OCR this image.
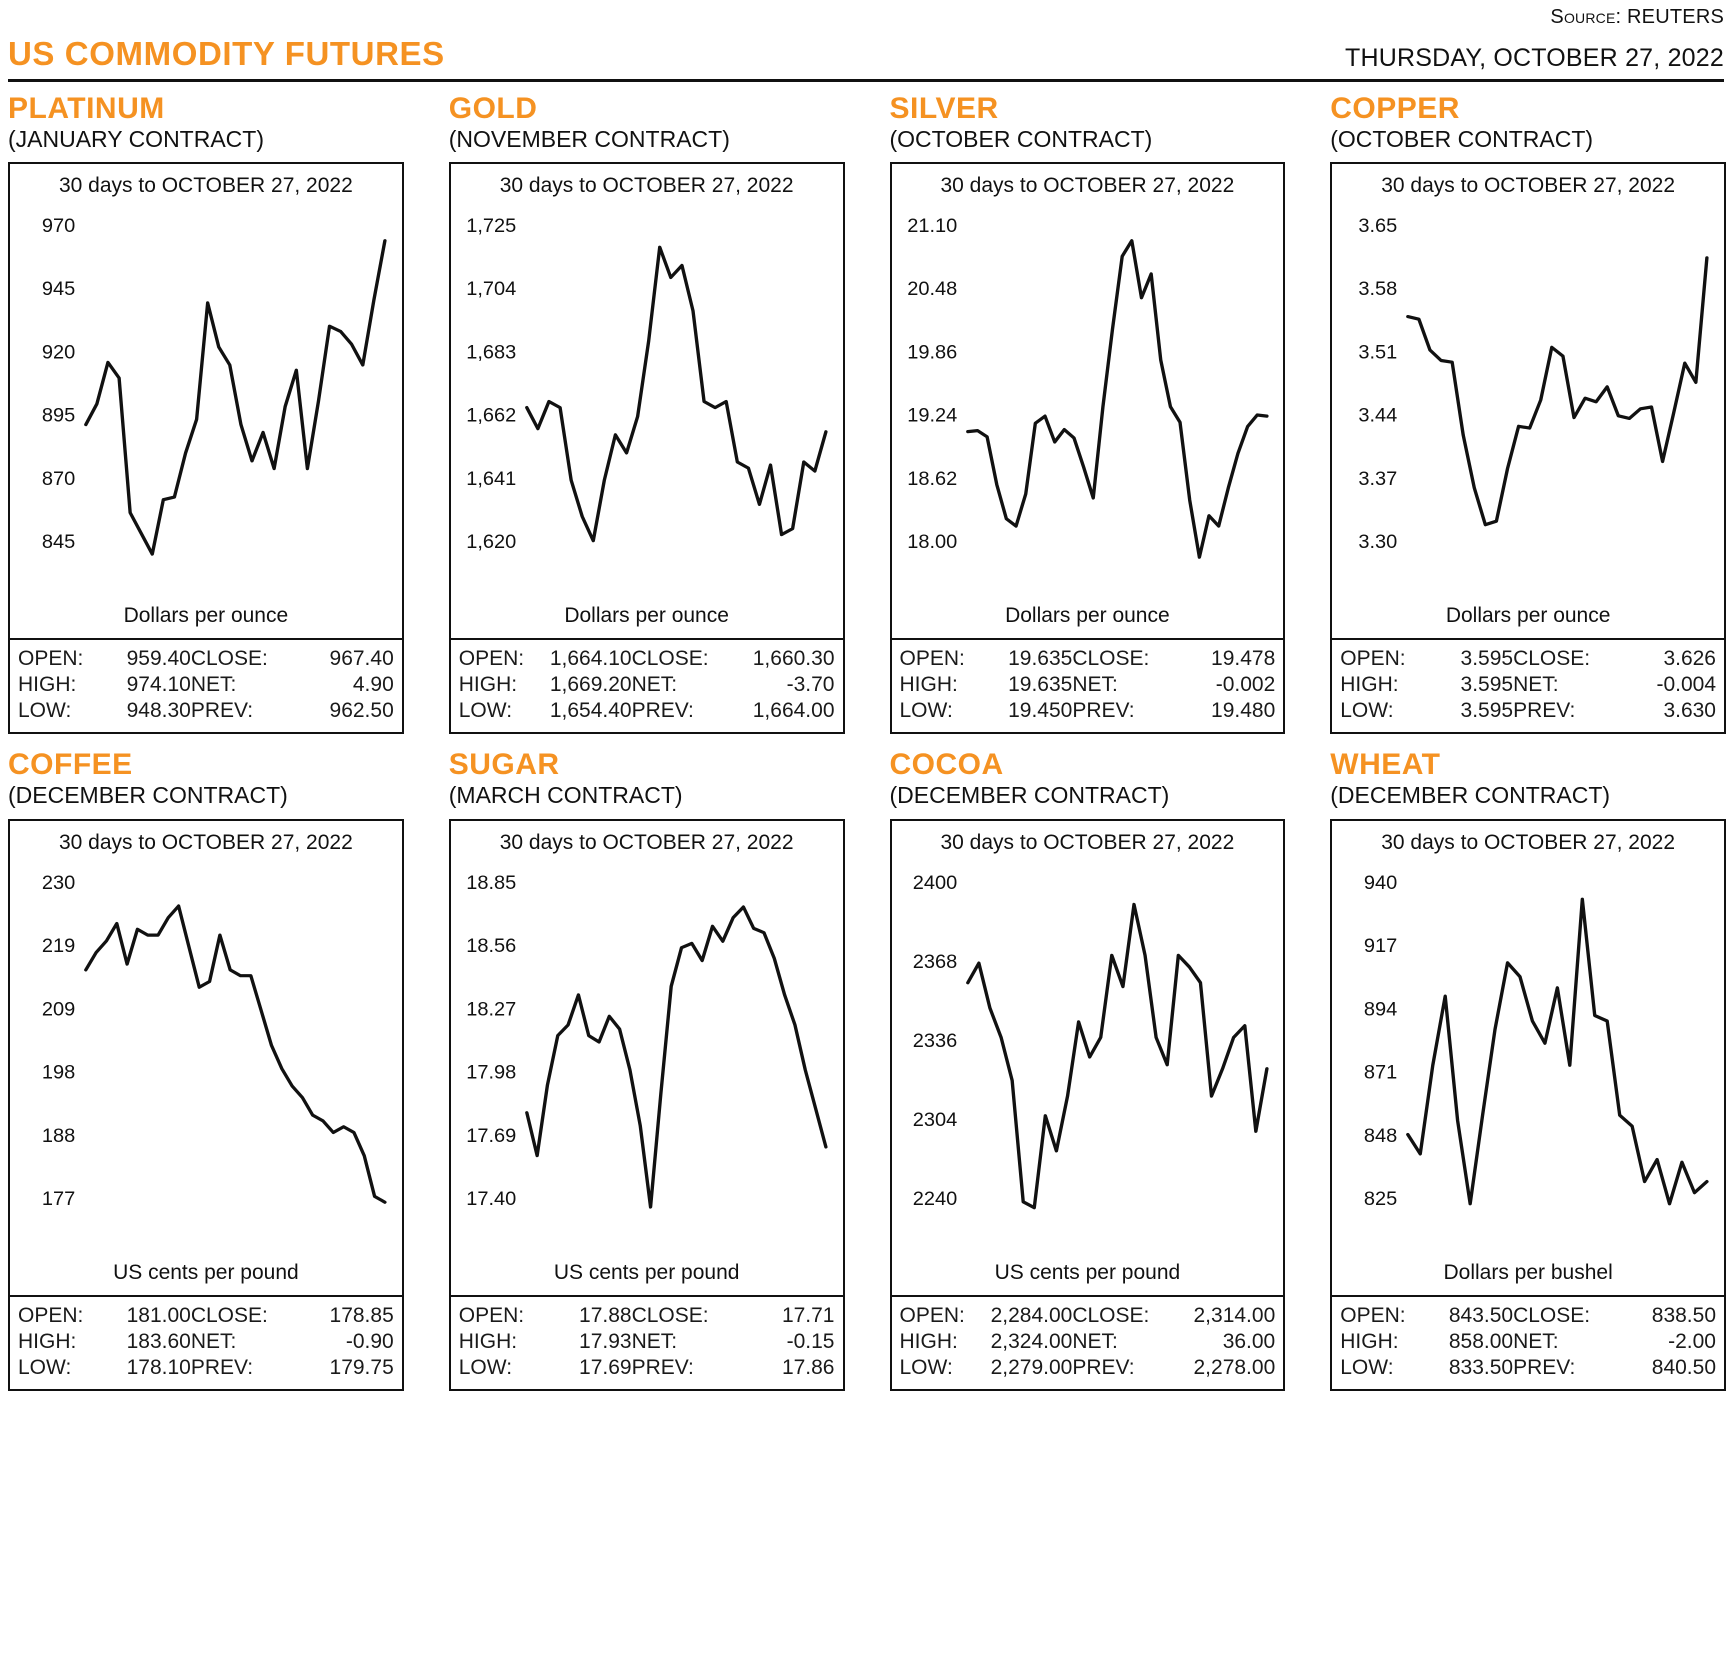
Source: REUTERS
US COMMODITY FUTURES	THURSDAY, OCTOBER 27, 2022
PLATINUM
(JANUARY CONTRACT)
30 days to OCTOBER 27, 2022
970
945
920
895
870
845
Dollars per ounce
OPEN:	959.40	CLOSE:	967.40
HIGH:	974.10	NET:	4.90
LOW:	948.30	PREV:	962.50
GOLD
(NOVEMBER CONTRACT)
30 days to OCTOBER 27, 2022
1,725
1,704
1,683
1,662
1,641
1,620
Dollars per ounce
OPEN:	1,664.10	CLOSE:	1,660.30
HIGH:	1,669.20	NET:	-3.70
LOW:	1,654.40	PREV:	1,664.00
SILVER
(OCTOBER CONTRACT)
30 days to OCTOBER 27, 2022
21.10
20.48
19.86
19.24
18.62
18.00
Dollars per ounce
OPEN:	19.635	CLOSE:	19.478
HIGH:	19.635	NET:	-0.002
LOW:	19.450	PREV:	19.480
COPPER
(OCTOBER CONTRACT)
30 days to OCTOBER 27, 2022
3.65
3.58
3.51
3.44
3.37
3.30
Dollars per ounce
OPEN:	3.595	CLOSE:	3.626
HIGH:	3.595	NET:	-0.004
LOW:	3.595	PREV:	3.630
COFFEE
(DECEMBER CONTRACT)
30 days to OCTOBER 27, 2022
230
219
209
198
188
177
US cents per pound
OPEN:	181.00	CLOSE:	178.85
HIGH:	183.60	NET:	-0.90
LOW:	178.10	PREV:	179.75
SUGAR
(MARCH CONTRACT)
30 days to OCTOBER 27, 2022
18.85
18.56
18.27
17.98
17.69
17.40
US cents per pound
OPEN:	17.88	CLOSE:	17.71
HIGH:	17.93	NET:	-0.15
LOW:	17.69	PREV:	17.86
COCOA
(DECEMBER CONTRACT)
30 days to OCTOBER 27, 2022
2400
2368
2336
2304
2240
US cents per pound
OPEN:	2,284.00	CLOSE:	2,314.00
HIGH:	2,324.00	NET:	36.00
LOW:	2,279.00	PREV:	2,278.00
WHEAT
(DECEMBER CONTRACT)
30 days to OCTOBER 27, 2022
940
917
894
871
848
825
Dollars per bushel
OPEN:	843.50	CLOSE:	838.50
HIGH:	858.00	NET:	-2.00
LOW:	833.50	PREV:	840.50
